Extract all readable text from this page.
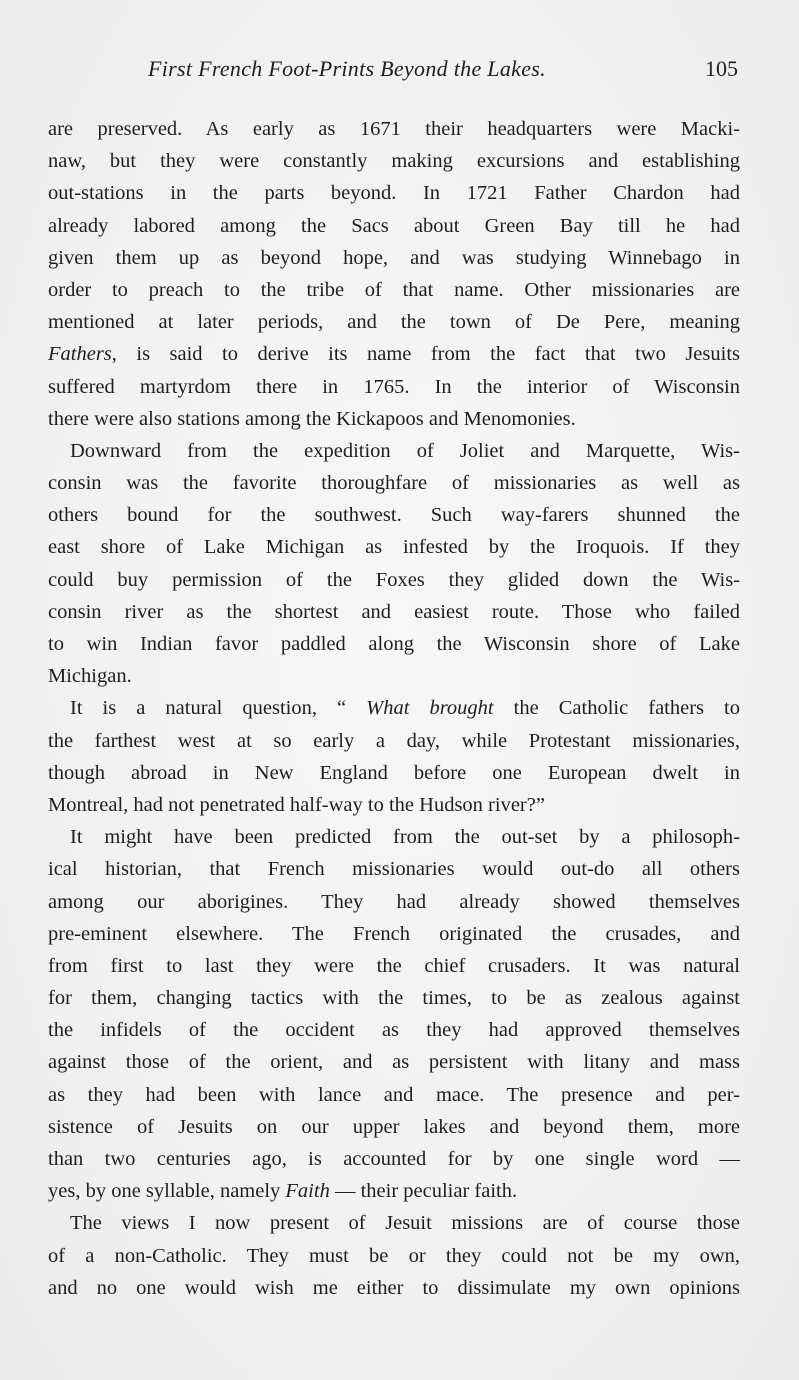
First French Foot-Prints Beyond the Lakes.	105
are preserved. As early as 1671 their headquarters were Macki-
naw, but they were constantly making excursions and establishing
out-stations in the parts beyond. In 1721 Father Chardon had
already labored among the Sacs about Green Bay till he had
given them up as beyond hope, and was studying Winnebago in
order to preach to the tribe of that name. Other missionaries are
mentioned at later periods, and the town of De Pere, meaning
Fathers, is said to derive its name from the fact that two Jesuits
suffered martyrdom there in 1765. In the interior of Wisconsin
there were also stations among the Kickapoos and Menomonies.
Downward from the expedition of Joliet and Marquette, Wis-
consin was the favorite thoroughfare of missionaries as well as
others bound for the southwest. Such way-farers shunned the
east shore of Lake Michigan as infested by the Iroquois. If they
could buy permission of the Foxes they glided down the Wis-
consin river as the shortest and easiest route. Those who failed
to win Indian favor paddled along the Wisconsin shore of Lake
Michigan.
It is a natural question, “ What brought the Catholic fathers to
the farthest west at so early a day, while Protestant missionaries,
though abroad in New England before one European dwelt in
Montreal, had not penetrated half-way to the Hudson river?”
It might have been predicted from the out-set by a philosoph-
ical historian, that French missionaries would out-do all others
among our aborigines. They had already showed themselves
pre-eminent elsewhere. The French originated the crusades, and
from first to last they were the chief crusaders. It was natural
for them, changing tactics with the times, to be as zealous against
the infidels of the occident as they had approved themselves
against those of the orient, and as persistent with litany and mass
as they had been with lance and mace. The presence and per-
sistence of Jesuits on our upper lakes and beyond them, more
than two centuries ago, is accounted for by one single word —
yes, by one syllable, namely Faith — their peculiar faith.
The views I now present of Jesuit missions are of course those
of a non-Catholic. They must be or they could not be my own,
and no one would wish me either to dissimulate my own opinions
